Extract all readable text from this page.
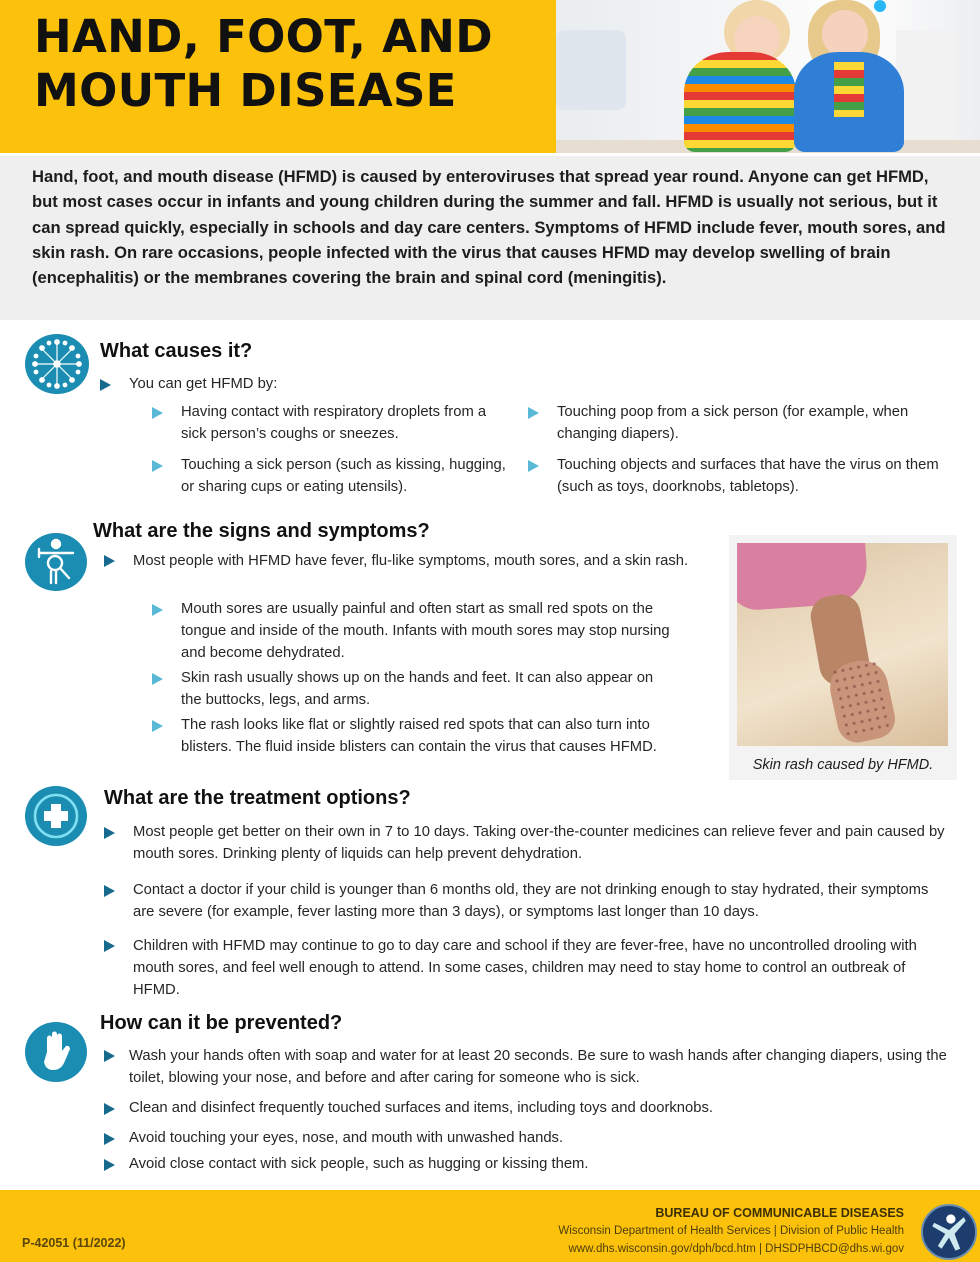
HAND, FOOT, AND
MOUTH DISEASE

Hand, foot, and mouth disease (HFMD) is caused by enteroviruses that spread year round. Anyone can get HFMD, but most cases occur in infants and young children during the summer and fall. HFMD is usually not serious, but it can spread quickly, especially in schools and day care centers. Symptoms of HFMD include fever, mouth sores, and skin rash. On rare occasions, people infected with the virus that causes HFMD may develop swelling of brain (encephalitis) or the membranes covering the brain and spinal cord (meningitis).

What causes it?
You can get HFMD by:
Having contact with respiratory droplets from a sick person’s coughs or sneezes.
Touching a sick person (such as kissing, hugging, or sharing cups or eating utensils).
Touching poop from a sick person (for example, when changing diapers).
Touching objects and surfaces that have the virus on them (such as toys, doorknobs, tabletops).
What are the signs and symptoms?
Most people with HFMD have fever, flu-like symptoms, mouth sores, and a skin rash.
Mouth sores are usually painful and often start as small red spots on the tongue and inside of the mouth. Infants with mouth sores may stop nursing and become dehydrated.
Skin rash usually shows up on the hands and feet. It can also appear on the buttocks, legs, and arms.
The rash looks like flat or slightly raised red spots that can also turn into blisters. The fluid inside blisters can contain the virus that causes HFMD.
Skin rash caused by HFMD.
What are the treatment options?
Most people get better on their own in 7 to 10 days. Taking over-the-counter medicines can relieve fever and pain caused by mouth sores. Drinking plenty of liquids can help prevent dehydration.
Contact a doctor if your child is younger than 6 months old, they are not drinking enough to stay hydrated, their symptoms are severe (for example, fever lasting more than 3 days), or symptoms last longer than 10 days.
Children with HFMD may continue to go to day care and school if they are fever-free, have no uncontrolled drooling with mouth sores, and feel well enough to attend. In some cases, children may need to stay home to control an outbreak of HFMD.
How can it be prevented?
Wash your hands often with soap and water for at least 20 seconds. Be sure to wash hands after changing diapers, using the toilet, blowing your nose, and before and after caring for someone who is sick.
Clean and disinfect frequently touched surfaces and items, including toys and doorknobs.
Avoid touching your eyes, nose, and mouth with unwashed hands.
Avoid close contact with sick people, such as hugging or kissing them.
P-42051 (11/2022)
BUREAU OF COMMUNICABLE DISEASES
Wisconsin Department of Health Services | Division of Public Health
www.dhs.wisconsin.gov/dph/bcd.htm | DHSDPHBCD@dhs.wi.gov
